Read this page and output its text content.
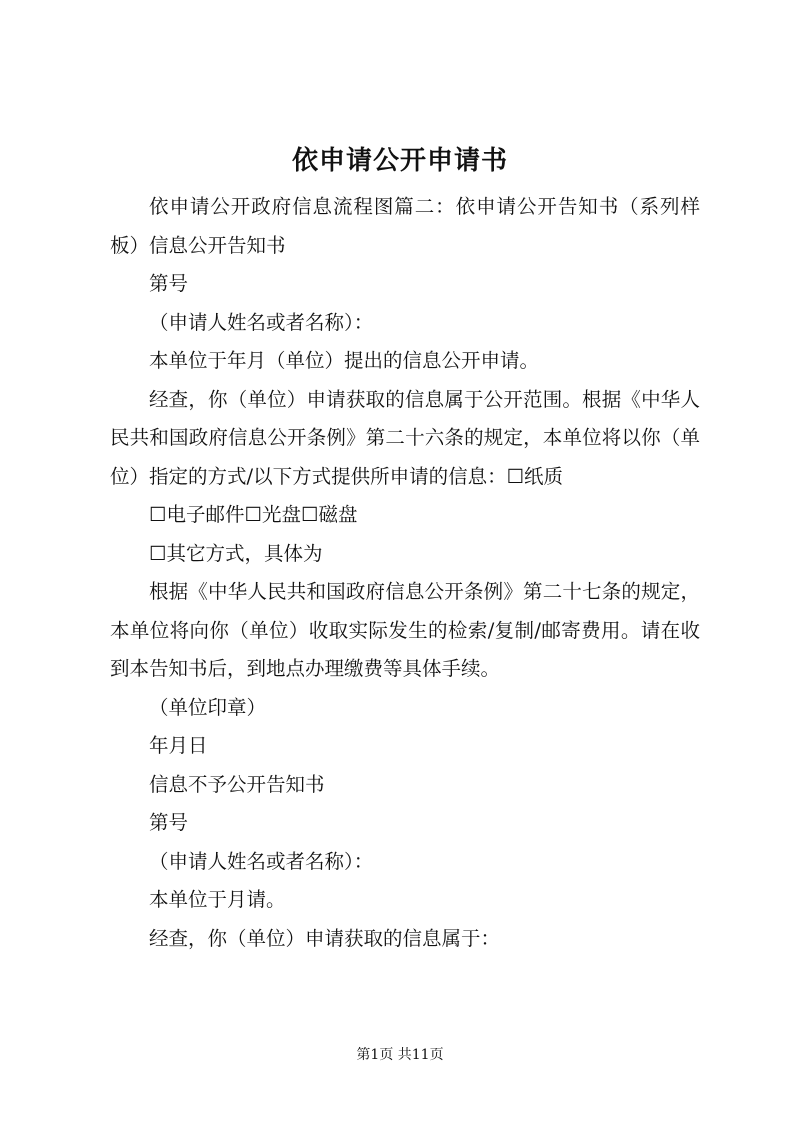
依申请公开申请书

依申请公开政府信息流程图篇二：依申请公开告知书（系列样板）信息公开告知书

第号

（申请人姓名或者名称）：

本单位于年月（单位）提出的信息公开申请。

经查，你（单位）申请获取的信息属于公开范围。根据《中华人民共和国政府信息公开条例》第二十六条的规定，本单位将以你（单位）指定的方式/以下方式提供所申请的信息：☐纸质

☐电子邮件☐光盘☐磁盘

☐其它方式，具体为

根据《中华人民共和国政府信息公开条例》第二十七条的规定，本单位将向你（单位）收取实际发生的检索/复制/邮寄费用。请在收到本告知书后，到地点办理缴费等具体手续。

（单位印章）

年月日

信息不予公开告知书

第号

（申请人姓名或者名称）：

本单位于月请。

经查，你（单位）申请获取的信息属于：

第1页 共11页
